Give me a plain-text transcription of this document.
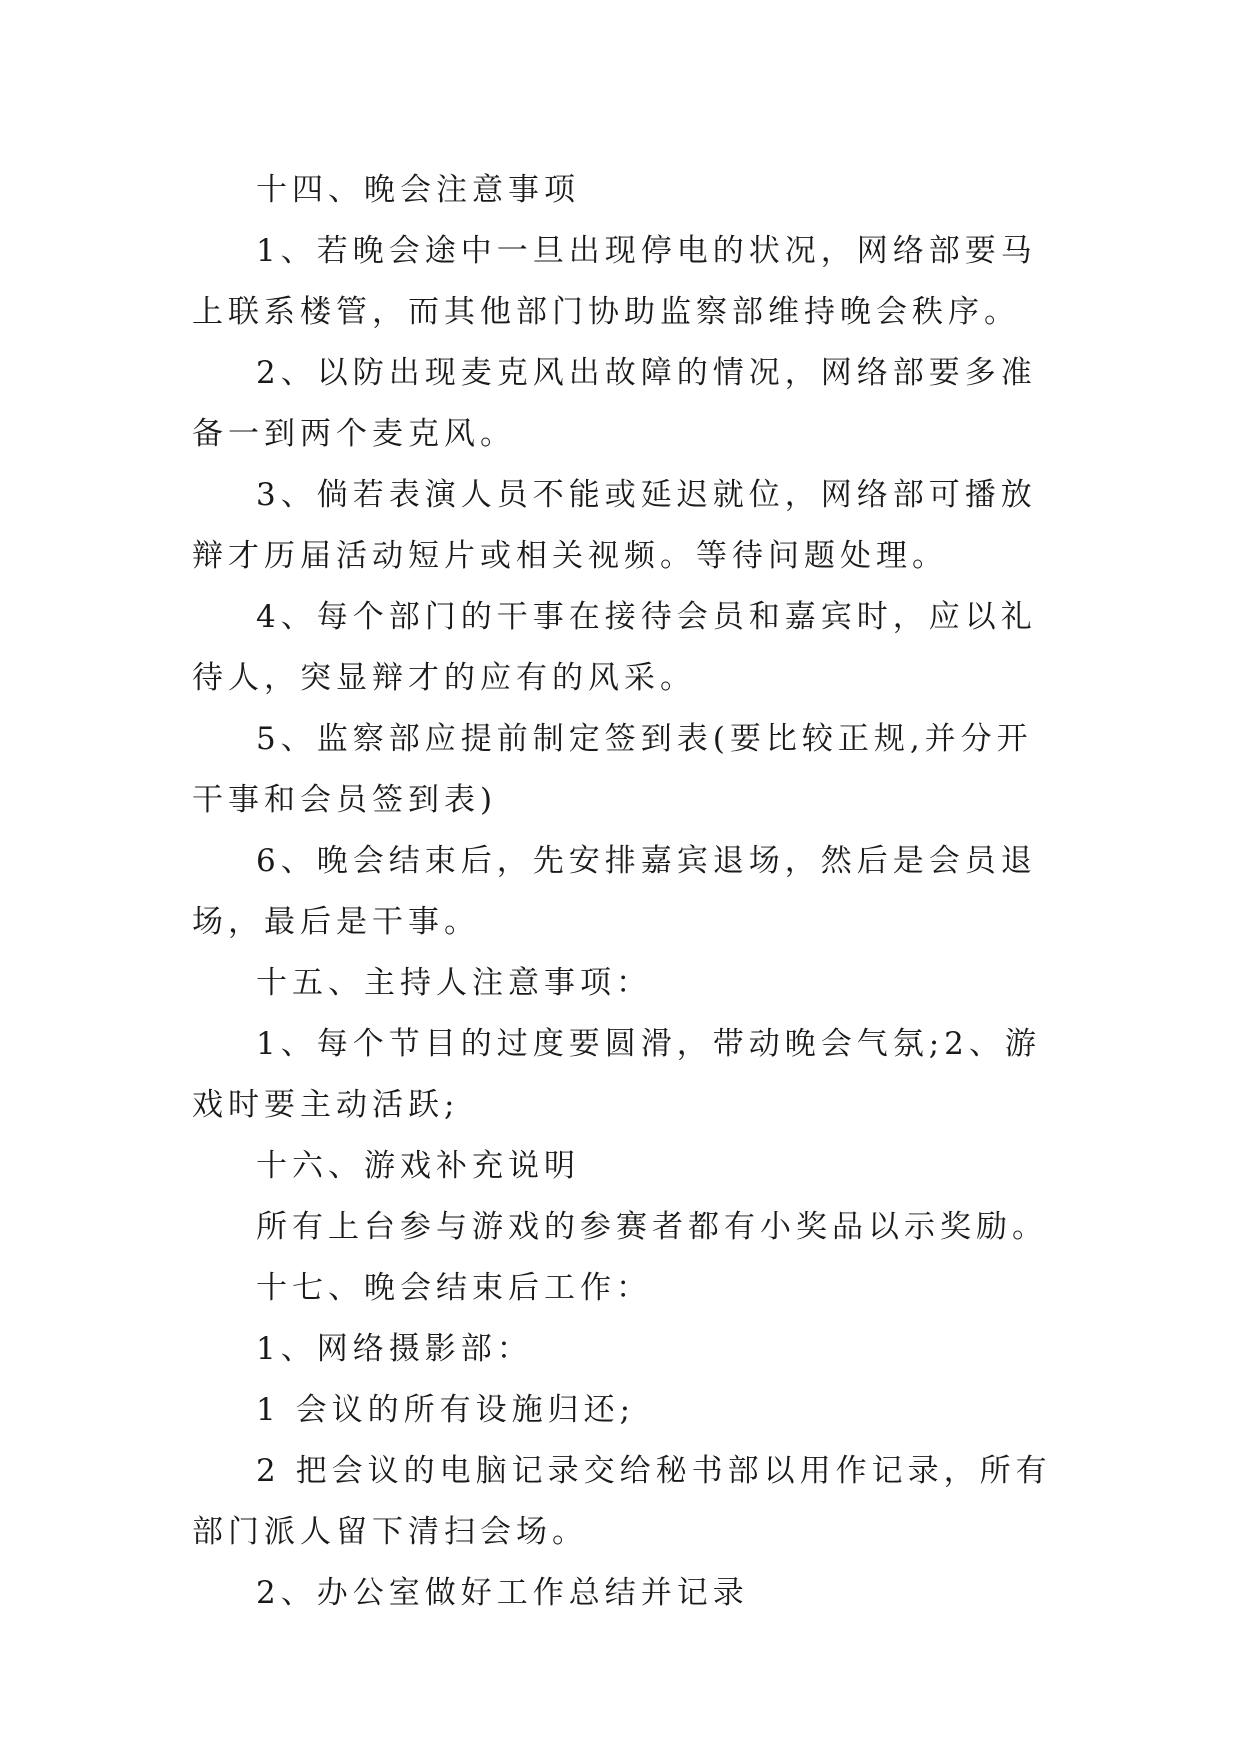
十四、晚会注意事项

1、若晚会途中一旦出现停电的状况，网络部要马上联系楼管，而其他部门协助监察部维持晚会秩序。

2、以防出现麦克风出故障的情况，网络部要多准备一到两个麦克风。

3、倘若表演人员不能或延迟就位，网络部可播放辩才历届活动短片或相关视频。等待问题处理。

4、每个部门的干事在接待会员和嘉宾时，应以礼待人，突显辩才的应有的风采。

5、监察部应提前制定签到表(要比较正规,并分开干事和会员签到表)

6、晚会结束后，先安排嘉宾退场，然后是会员退场，最后是干事。

十五、主持人注意事项：

1、每个节目的过度要圆滑，带动晚会气氛;2、游戏时要主动活跃;

十六、游戏补充说明

所有上台参与游戏的参赛者都有小奖品以示奖励。

十七、晚会结束后工作：

1、网络摄影部：

1 会议的所有设施归还;

2 把会议的电脑记录交给秘书部以用作记录，所有部门派人留下清扫会场。

2、办公室做好工作总结并记录
